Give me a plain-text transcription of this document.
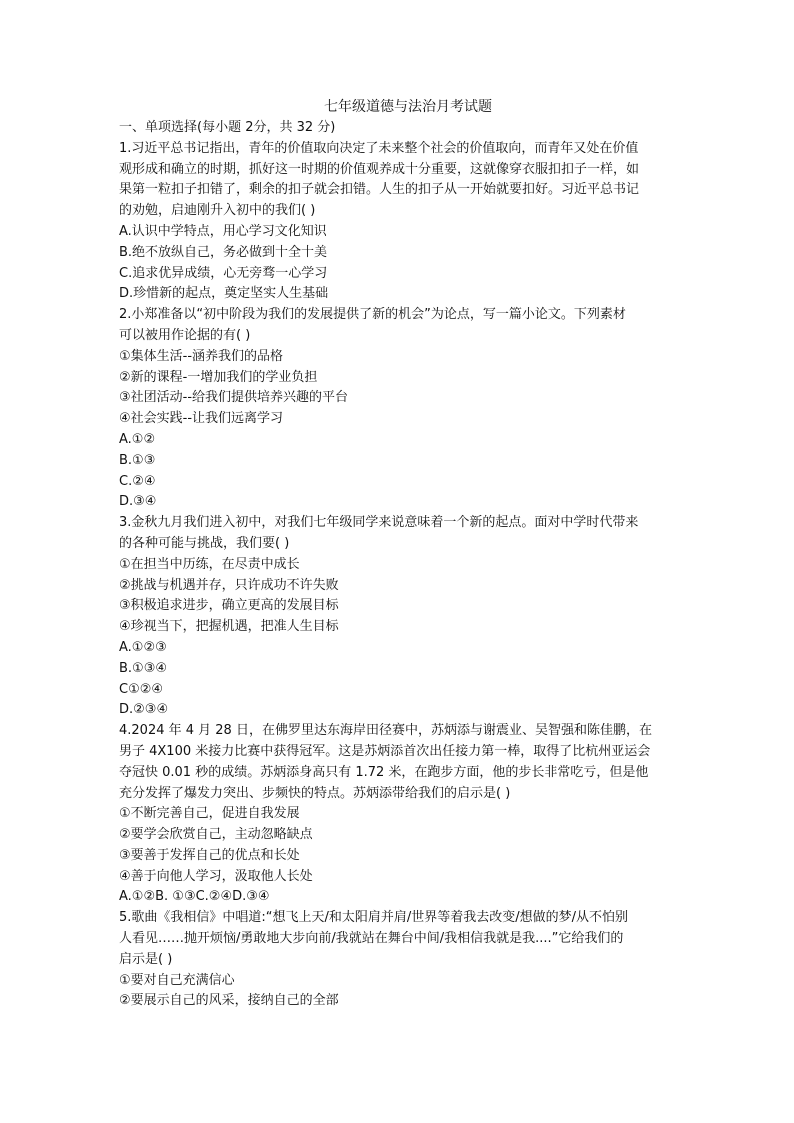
七年级道德与法治月考试题
一、单项选择(每小题 2分，共 32 分)
1.习近平总书记指出，青年的价值取向决定了未来整个社会的价值取向，而青年又处在价值
观形成和确立的时期，抓好这一时期的价值观养成十分重要，这就像穿衣服扣扣子一样，如
果第一粒扣子扣错了，剩余的扣子就会扣错。人生的扣子从一开始就要扣好。习近平总书记
的劝勉，启迪刚升入初中的我们( )
A.认识中学特点，用心学习文化知识
B.绝不放纵自己，务必做到十全十美
C.追求优异成绩，心无旁骛一心学习
D.珍惜新的起点，奠定坚实人生基础
2.小郑准备以“初中阶段为我们的发展提供了新的机会”为论点，写一篇小论文。下列素材
可以被用作论据的有( )
①集体生活--涵养我们的品格
②新的课程-一增加我们的学业负担
③社团活动--给我们提供培养兴趣的平台
④社会实践--让我们远离学习
A.①②
B.①③
C.②④
D.③④
3.金秋九月我们进入初中，对我们七年级同学来说意味着一个新的起点。面对中学时代带来
的各种可能与挑战，我们要( )
①在担当中历练，在尽责中成长
②挑战与机遇并存，只许成功不许失败
③积极追求进步，确立更高的发展目标
④珍视当下，把握机遇，把准人生目标
A.①②③
B.①③④
C①②④
D.②③④
4.2024 年 4 月 28 日，在佛罗里达东海岸田径赛中，苏炳添与谢震业、吴智强和陈佳鹏，在
男子 4X100 米接力比赛中获得冠军。这是苏炳添首次出任接力第一棒，取得了比杭州亚运会
夺冠快 0.01 秒的成绩。苏炳添身高只有 1.72 米，在跑步方面，他的步长非常吃亏，但是他
充分发挥了爆发力突出、步频快的特点。苏炳添带给我们的启示是( )
①不断完善自己，促进自我发展
②要学会欣赏自己，主动忽略缺点
③要善于发挥自己的优点和长处
④善于向他人学习，汲取他人长处
A.①②B. ①③C.②④D.③④
5.歌曲《我相信》中唱道:“想飞上天/和太阳肩并肩/世界等着我去改变/想做的梦/从不怕别
人看见……抛开烦恼/勇敢地大步向前/我就站在舞台中间/我相信我就是我....”它给我们的
启示是( )
①要对自己充满信心
②要展示自己的风采，接纳自己的全部
